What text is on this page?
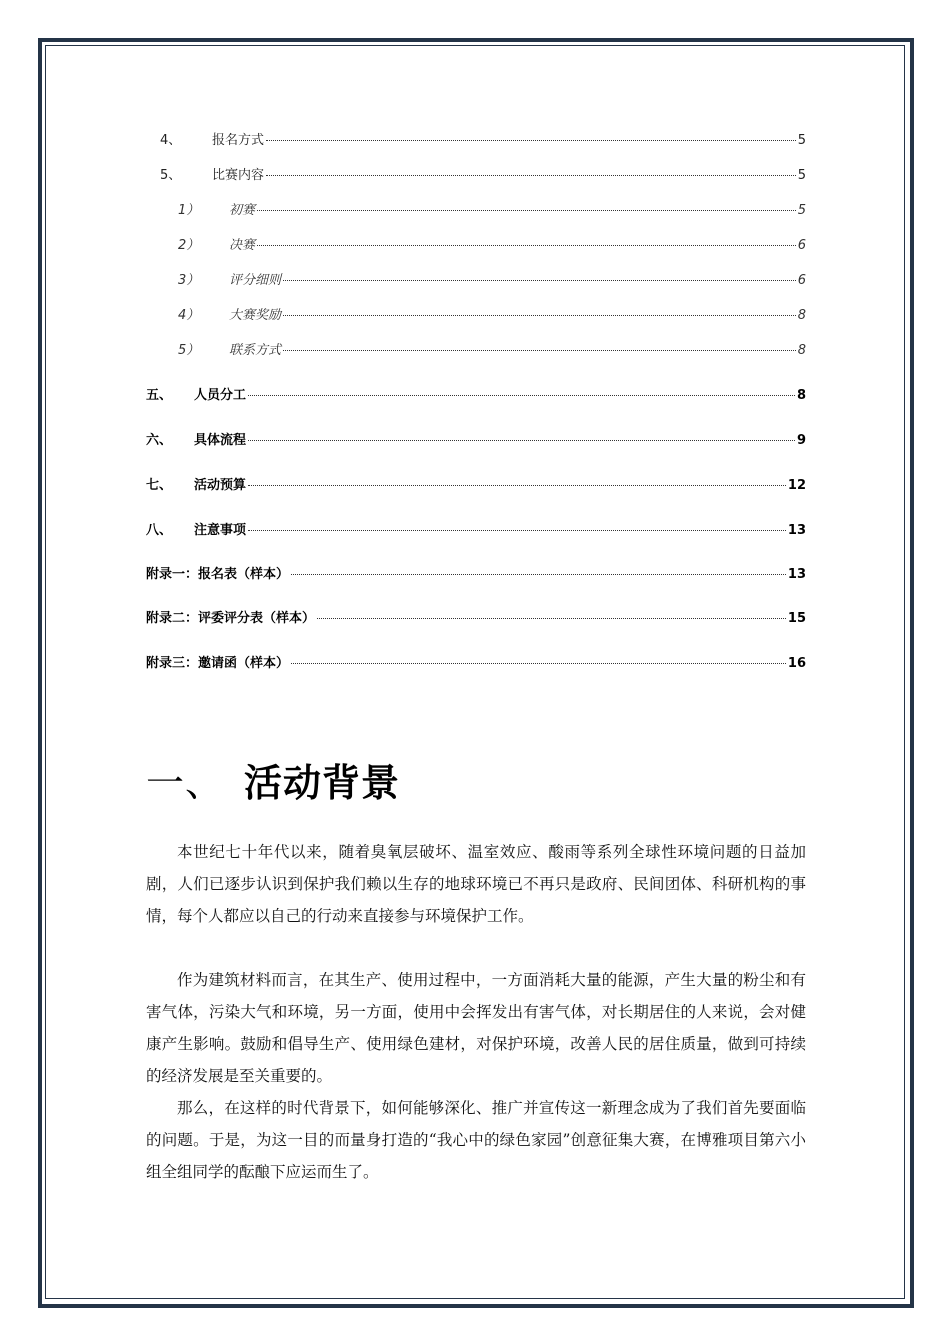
4、	报名方式	5
5、	比赛内容	5
1）	初赛	5
2）	决赛	6
3）	评分细则	6
4）	大赛奖励	8
5）	联系方式	8
五、	人员分工	8
六、	具体流程	9
七、	活动预算	12
八、	注意事项	13
附录一：报名表（样本）	13
附录二：评委评分表（样本）	15
附录三：邀请函（样本）	16
一、 活动背景

本世纪七十年代以来，随着臭氧层破坏、温室效应、酸雨等系列全球性环境问题的日益加剧，人们已逐步认识到保护我们赖以生存的地球环境已不再只是政府、民间团体、科研机构的事情，每个人都应以自己的行动来直接参与环境保护工作。

作为建筑材料而言，在其生产、使用过程中，一方面消耗大量的能源，产生大量的粉尘和有害气体，污染大气和环境，另一方面，使用中会挥发出有害气体，对长期居住的人来说，会对健康产生影响。鼓励和倡导生产、使用绿色建材，对保护环境，改善人民的居住质量，做到可持续的经济发展是至关重要的。

那么，在这样的时代背景下，如何能够深化、推广并宣传这一新理念成为了我们首先要面临的问题。于是，为这一目的而量身打造的“我心中的绿色家园”创意征集大赛，在博雅项目第六小组全组同学的酝酿下应运而生了。
